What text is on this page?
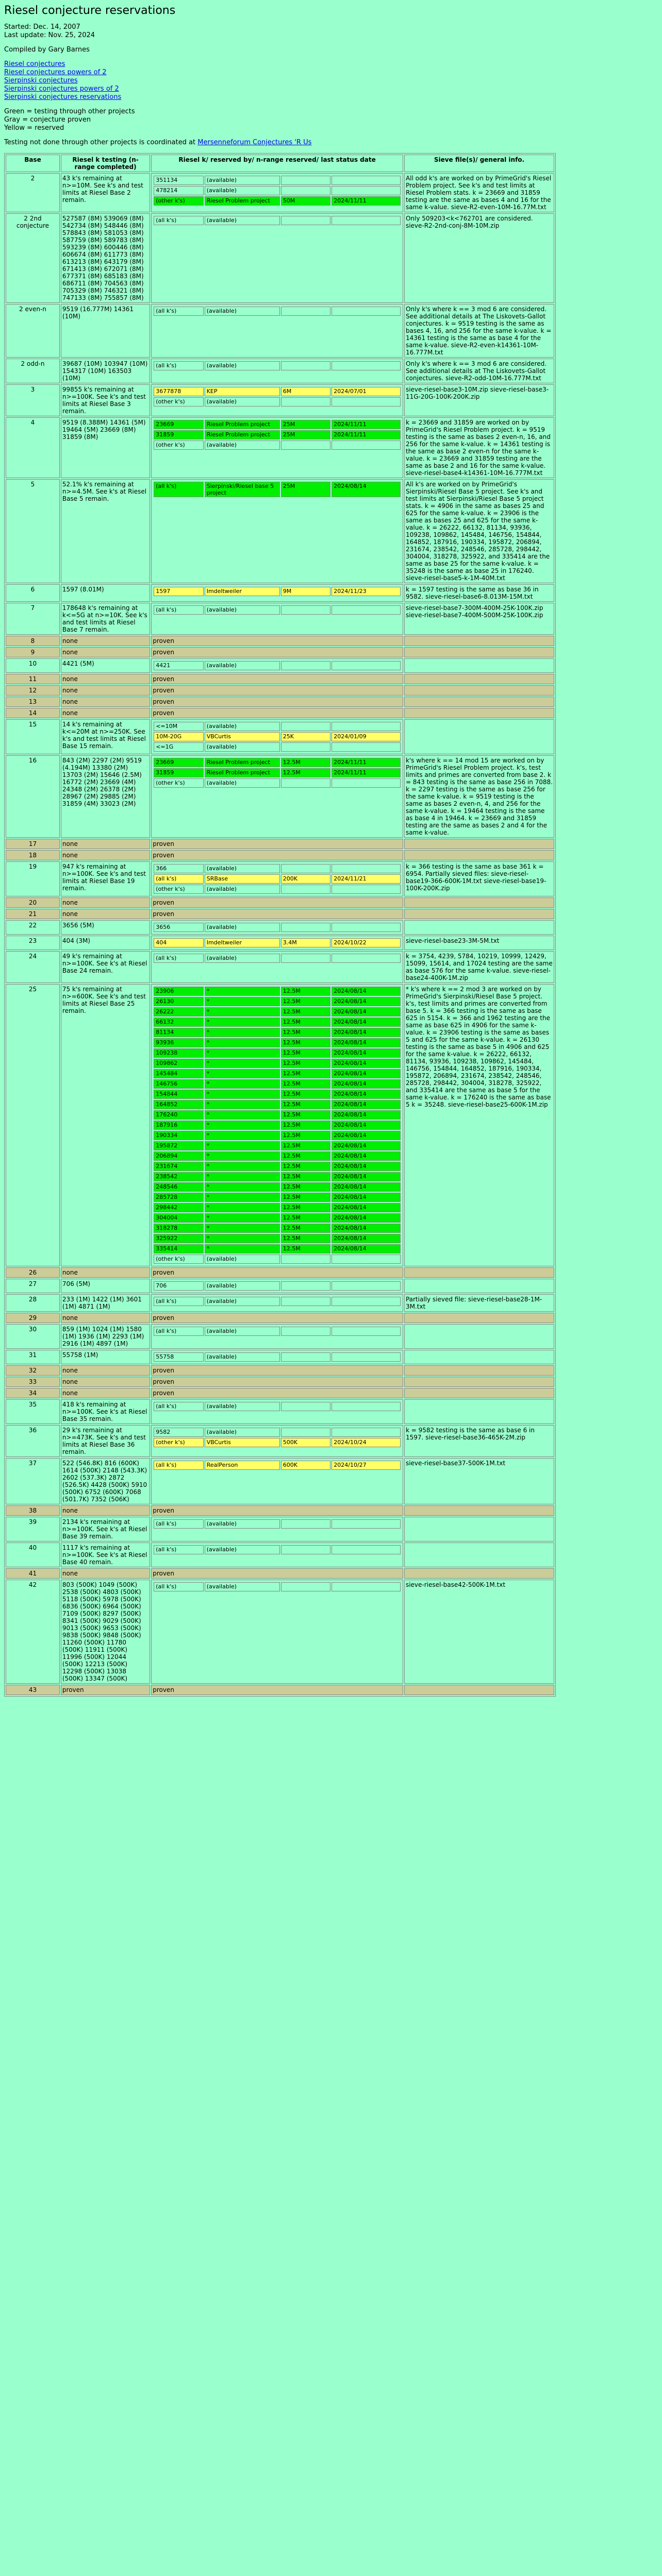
Riesel conjecture reservations
Started: Dec. 14, 2007
Last update: Nov. 25, 2024
Compiled by Gary Barnes
Riesel conjectures
Riesel conjectures powers of 2
Sierpinski conjectures
Sierpinski conjectures powers of 2
Sierpinski conjectures reservations
Green = testing through other projects
Gray = conjecture proven
Yellow = reserved
Testing not done through other projects is coordinated at Mersenneforum Conjectures 'R Us
Base	Riesel k testing (n-range completed)	Riesel k/ reserved by/ n-range reserved/ last status date	Sieve file(s)/ general info.
2	43 k's remaining at n>=10M. See k's and test limits at Riesel Base 2 remain.	
351134	(available)		
478214	(available)		
(other k's)	Riesel Problem project	50M	2024/11/11
	All odd k's are worked on by PrimeGrid's Riesel Problem project. See k's and test limits at Riesel Problem stats. k = 23669 and 31859 testing are the same as bases 4 and 16 for the same k-value. sieve-R2-even-10M-16.77M.txt
2 2nd conjecture	527587 (8M) 539069 (8M) 542734 (8M) 548446 (8M) 578843 (8M) 581053 (8M) 587759 (8M) 589783 (8M) 593239 (8M) 600446 (8M) 606674 (8M) 611773 (8M) 613213 (8M) 643179 (8M) 671413 (8M) 672071 (8M) 677371 (8M) 685183 (8M) 686711 (8M) 704563 (8M) 705329 (8M) 746321 (8M) 747133 (8M) 755857 (8M)	
(all k's)	(available)		
		Only 509203<k<762701 are considered. sieve-R2-2nd-conj-8M-10M.zip
2 even-n	9519 (16.777M) 14361 (10M)	
(all k's)	(available)		
		Only k's where k == 3 mod 6 are considered. See additional details at The Liskovets-Gallot conjectures. k = 9519 testing is the same as bases 4, 16, and 256 for the same k-value. k = 14361 testing is the same as base 4 for the same k-value. sieve-R2-even-k14361-10M-16.777M.txt
2 odd-n	39687 (10M) 103947 (10M) 154317 (10M) 163503 (10M)	
(all k's)	(available)		
		Only k's where k == 3 mod 6 are considered. See additional details at The Liskovets-Gallot conjectures. sieve-R2-odd-10M-16.777M.txt
3	99855 k's remaining at n>=100K. See k's and test limits at Riesel Base 3 remain.	
3677878	KEP	6M	2024/07/01
(other k's)	(available)		
	sieve-riesel-base3-10M.zip sieve-riesel-base3-11G-20G-100K-200K.zip
4	9519 (8.388M) 14361 (5M) 19464 (5M) 23669 (8M) 31859 (8M)	
23669	Riesel Problem project	25M	2024/11/11
31859	Riesel Problem project	25M	2024/11/11
(other k's)	(available)		
	k = 23669 and 31859 are worked on by PrimeGrid's Riesel Problem project. k = 9519 testing is the same as bases 2 even-n, 16, and 256 for the same k-value. k = 14361 testing is the same as base 2 even-n for the same k-value. k = 23669 and 31859 testing are the same as base 2 and 16 for the same k-value. sieve-riesel-base4-k14361-10M-16.777M.txt
5	52.1% k's remaining at n>=4.5M. See k's at Riesel Base 5 remain.	
(all k's)	Sierpinski/Riesel base 5 project	25M	2024/08/14
		All k's are worked on by PrimeGrid's Sierpinski/Riesel Base 5 project. See k's and test limits at Sierpinski/Riesel Base 5 project stats. k = 4906 in the same as bases 25 and 625 for the same k-value. k = 23906 is the same as bases 25 and 625 for the same k-value. k = 26222, 66132, 81134, 93936, 109238, 109862, 145484, 146756, 154844, 164852, 187916, 190334, 195872, 206894, 231674, 238542, 248546, 285728, 298442, 304004, 318278, 325922, and 335414 are the same as base 25 for the same k-value. k = 35248 is the same as base 25 in 176240. sieve-riesel-base5-k-1M-40M.txt
6	1597 (8.01M)		1597	Imdeltweiler	9M	2024/11/23
		k = 1597 testing is the same as base 36 in 9582. sieve-riesel-base6-8.013M-15M.txt
7	178648 k's remaining at k<=5G at n>=10K. See k's and test limits at Riesel Base 7 remain.	
(all k's)	(available)		
		sieve-riesel-base7-300M-400M-25K-100K.zip sieve-riesel-base7-400M-500M-25K-100K.zip
8	none	proven	
9	none	proven	
10	4421 (5M)		4421	(available)		

11	none	proven	
12	none	proven	
13	none	proven	
14	none	proven	
15	14 k's remaining at k<=20M at n>=250K. See k's and test limits at Riesel Base 15 remain.	
<=10M	(available)		
10M-20G	VBCurtis	25K	2024/01/09
<=1G	(available)		

16	843 (2M) 2297 (2M) 9519 (4.194M) 13380 (2M) 13703 (2M) 15646 (2.5M) 16772 (2M) 23669 (4M) 24348 (2M) 26378 (2M) 28967 (2M) 29885 (2M) 31859 (4M) 33023 (2M)	
23669	Riesel Problem project	12.5M	2024/11/11
31859	Riesel Problem project	12.5M	2024/11/11
(other k's)	(available)		
	k's where k == 14 mod 15 are worked on by PrimeGrid's Riesel Problem project. k's, test limits and primes are converted from base 2. k = 843 testing is the same as base 256 in 7088. k = 2297 testing is the same as base 256 for the same k-value. k = 9519 testing is the same as bases 2 even-n, 4, and 256 for the same k-value. k = 19464 testing is the same as base 4 in 19464. k = 23669 and 31859 testing are the same as bases 2 and 4 for the same k-value.
17	none	proven	
18	none	proven	
19	947 k's remaining at n>=100K. See k's and test limits at Riesel Base 19 remain.	
366	(available)		
(all k's)	SRBase	200K	2024/11/21
(other k's)	(available)		
	k = 366 testing is the same as base 361 k = 6954. Partially sieved files: sieve-riesel-base19-366-600K-1M.txt sieve-riesel-base19-100K-200K.zip
20	none	proven	
21	none	proven	
22	3656 (5M)		3656	(available)		

23	404 (3M)		404	Imdeltweiler	3.4M	2024/10/22
		sieve-riesel-base23-3M-5M.txt
24	49 k's remaining at n>=100K. See k's at Riesel Base 24 remain.	
(all k's)	(available)		
		k = 3754, 4239, 5784, 10219, 10999, 12429, 15099, 15614, and 17024 testing are the same as base 576 for the same k-value. sieve-riesel-base24-400K-1M.zip
25	75 k's remaining at n>=600K. See k's and test limits at Riesel Base 25 remain.	
23906	*	12.5M	2024/08/14
26130	*	12.5M	2024/08/14
26222	*	12.5M	2024/08/14
66132	*	12.5M	2024/08/14
81134	*	12.5M	2024/08/14
93936	*	12.5M	2024/08/14
109238	*	12.5M	2024/08/14
109862	*	12.5M	2024/08/14
145484	*	12.5M	2024/08/14
146756	*	12.5M	2024/08/14
154844	*	12.5M	2024/08/14
164852	*	12.5M	2024/08/14
176240	*	12.5M	2024/08/14
187916	*	12.5M	2024/08/14
190334	*	12.5M	2024/08/14
195872	*	12.5M	2024/08/14
206894	*	12.5M	2024/08/14
231674	*	12.5M	2024/08/14
238542	*	12.5M	2024/08/14
248546	*	12.5M	2024/08/14
285728	*	12.5M	2024/08/14
298442	*	12.5M	2024/08/14
304004	*	12.5M	2024/08/14
318278	*	12.5M	2024/08/14
325922	*	12.5M	2024/08/14
335414	*	12.5M	2024/08/14
(other k's)	(available)		
	* k's where k == 2 mod 3 are worked on by PrimeGrid's Sierpinski/Riesel Base 5 project. k's, test limits and primes are converted from base 5. k = 366 testing is the same as base 625 in 5154. k = 366 and 1962 testing are the same as base 625 in 4906 for the same k-value. k = 23906 testing is the same as bases 5 and 625 for the same k-value. k = 26130 testing is the same as base 5 in 4906 and 625 for the same k-value. k = 26222, 66132, 81134, 93936, 109238, 109862, 145484, 146756, 154844, 164852, 187916, 190334, 195872, 206894, 231674, 238542, 248546, 285728, 298442, 304004, 318278, 325922, and 335414 are the same as base 5 for the same k-value. k = 176240 is the same as base 5 k = 35248. sieve-riesel-base25-600K-1M.zip
26	none	proven	
27	706 (5M)		706	(available)		

28	233 (1M) 1422 (1M) 3601 (1M) 4871 (1M)	
(all k's)	(available)		
		Partially sieved file: sieve-riesel-base28-1M-3M.txt
29	none	proven	
30	859 (1M) 1024 (1M) 1580 (1M) 1936 (1M) 2293 (1M) 2916 (1M) 4897 (1M)	
(all k's)	(available)		

31	55758 (1M)		55758	(available)		

32	none	proven	
33	none	proven	
34	none	proven	
35	418 k's remaining at n>=100K. See k's at Riesel Base 35 remain.	
(all k's)	(available)		

36	29 k's remaining at n>=473K. See k's and test limits at Riesel Base 36 remain.	
9582	(available)		
(other k's)	VBCurtis	500K	2024/10/24
	k = 9582 testing is the same as base 6 in 1597. sieve-riesel-base36-465K-2M.zip
37	522 (546.8K) 816 (600K) 1614 (500K) 2148 (543.3K) 2602 (537.3K) 2872 (526.5K) 4428 (500K) 5910 (500K) 6752 (600K) 7068 (501.7K) 7352 (506K)	
(all k's)	RealPerson	600K	2024/10/27
		sieve-riesel-base37-500K-1M.txt
38	none	proven	
39	2134 k's remaining at n>=100K. See k's at Riesel Base 39 remain.	
(all k's)	(available)		

40	1117 k's remaining at n>=100K. See k's at Riesel Base 40 remain.	
(all k's)	(available)		

41	none	proven	
42	803 (500K) 1049 (500K) 2538 (500K) 4803 (500K) 5118 (500K) 5978 (500K) 6836 (500K) 6964 (500K) 7109 (500K) 8297 (500K) 8341 (500K) 9029 (500K) 9013 (500K) 9653 (500K) 9838 (500K) 9848 (500K) 11260 (500K) 11780 (500K) 11911 (500K) 11996 (500K) 12044 (500K) 12213 (500K) 12298 (500K) 13038 (500K) 13347 (500K)	
(all k's)	(available)		
		sieve-riesel-base42-500K-1M.txt
43	proven	proven	
